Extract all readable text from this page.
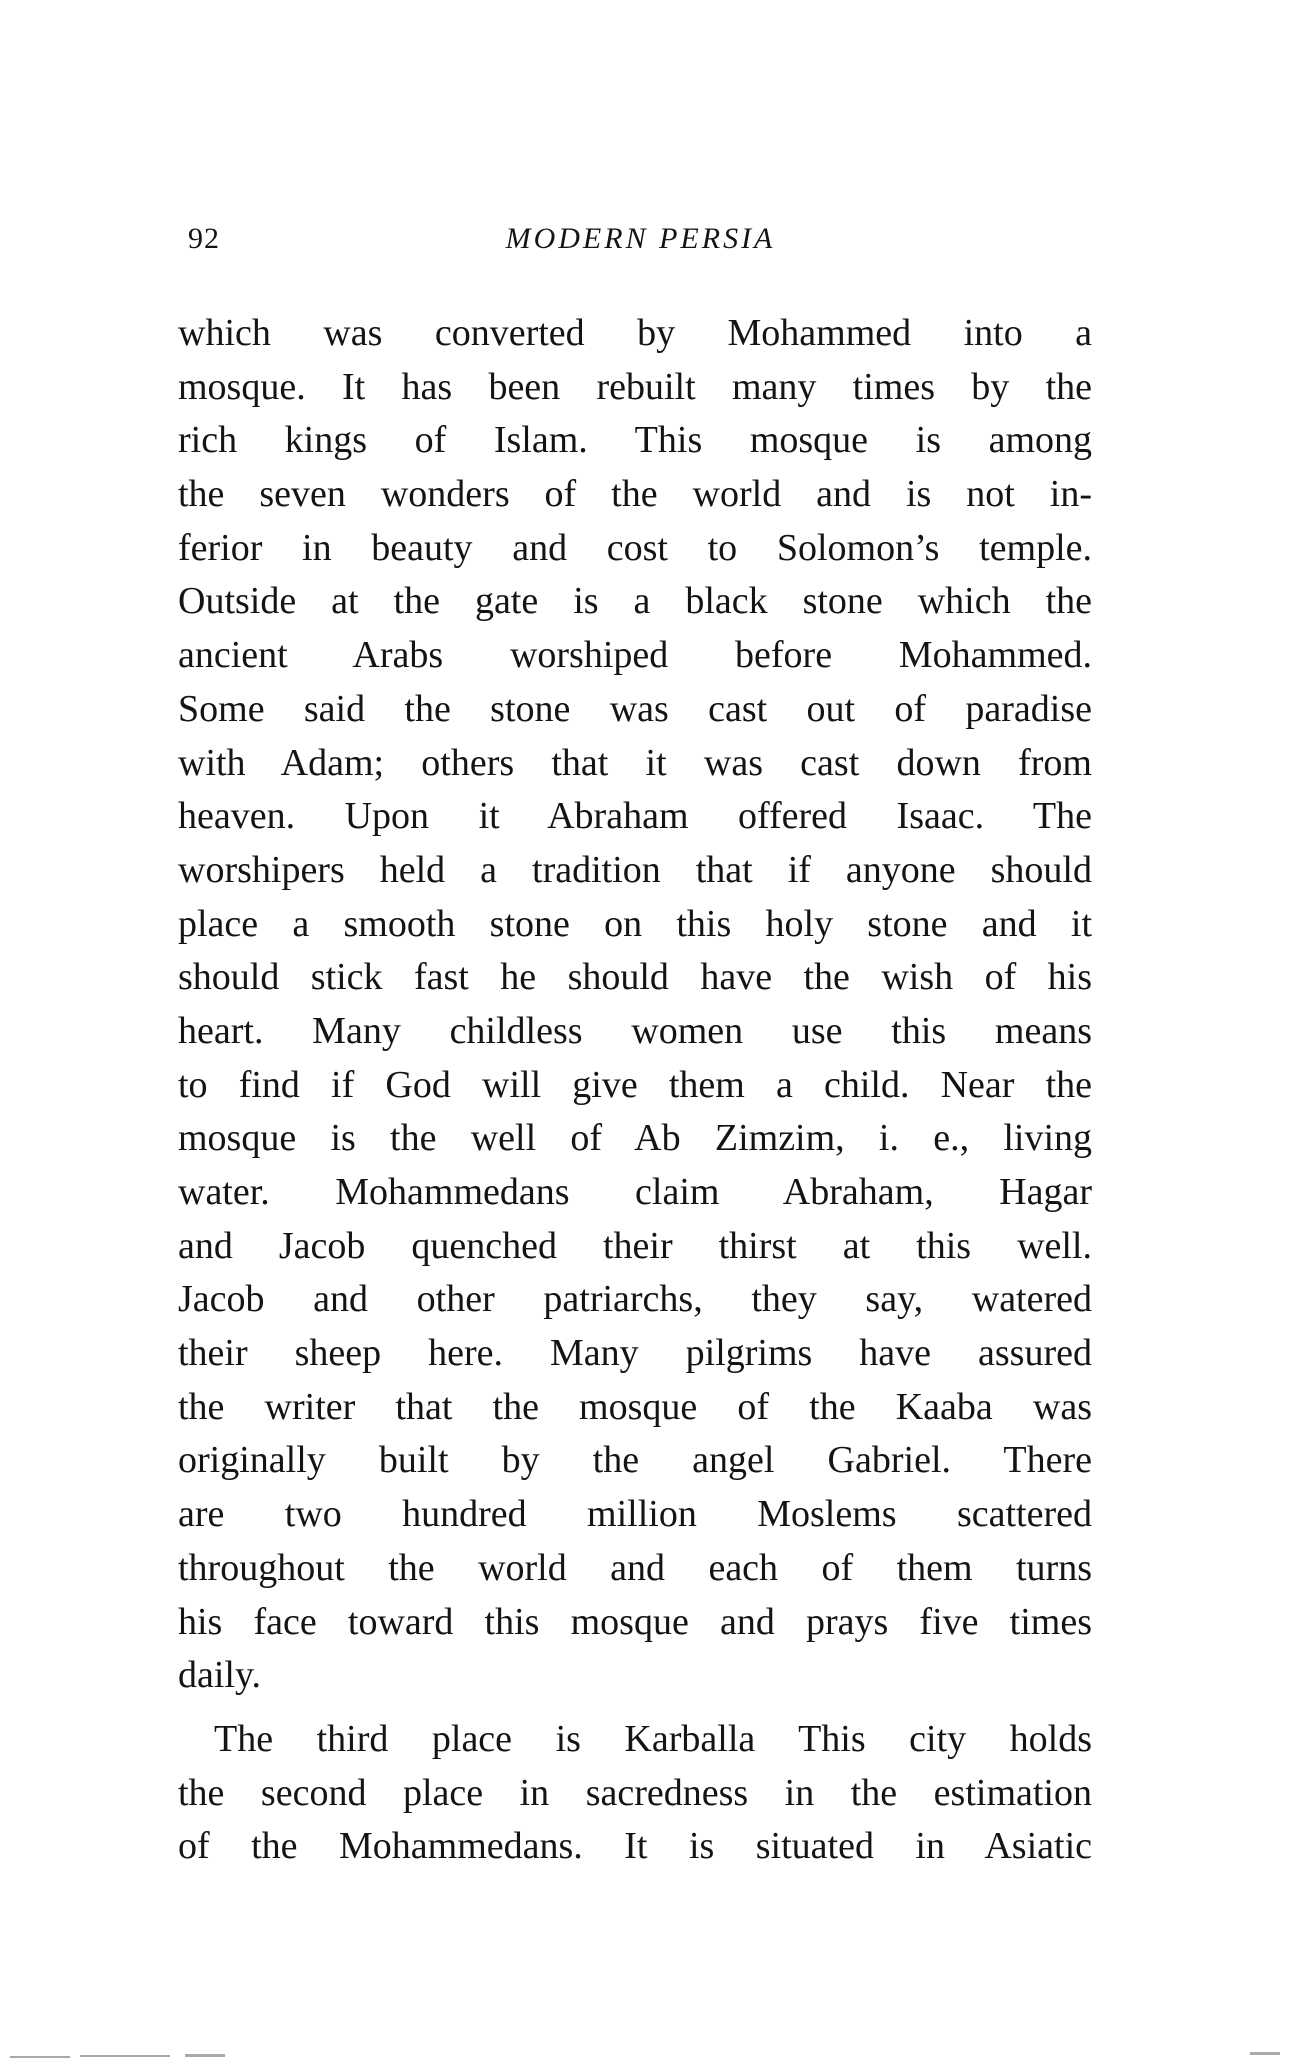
92	MODERN PERSIA
which was converted by Mohammed into a
mosque. It has been rebuilt many times by the
rich kings of Islam. This mosque is among
the seven wonders of the world and is not in-
ferior in beauty and cost to Solomon’s temple.
Outside at the gate is a black stone which the
ancient Arabs worshiped before Mohammed.
Some said the stone was cast out of paradise
with Adam; others that it was cast down from
heaven. Upon it Abraham offered Isaac. The
worshipers held a tradition that if anyone should
place a smooth stone on this holy stone and it
should stick fast he should have the wish of his
heart. Many childless women use this means
to find if God will give them a child. Near the
mosque is the well of Ab Zimzim, i. e., living
water. Mohammedans claim Abraham, Hagar
and Jacob quenched their thirst at this well.
Jacob and other patriarchs, they say, watered
their sheep here. Many pilgrims have assured
the writer that the mosque of the Kaaba was
originally built by the angel Gabriel. There
are two hundred million Moslems scattered
throughout the world and each of them turns
his face toward this mosque and prays five times
daily.
The third place is Karballa This city holds
the second place in sacredness in the estimation
of the Mohammedans. It is situated in Asiatic
